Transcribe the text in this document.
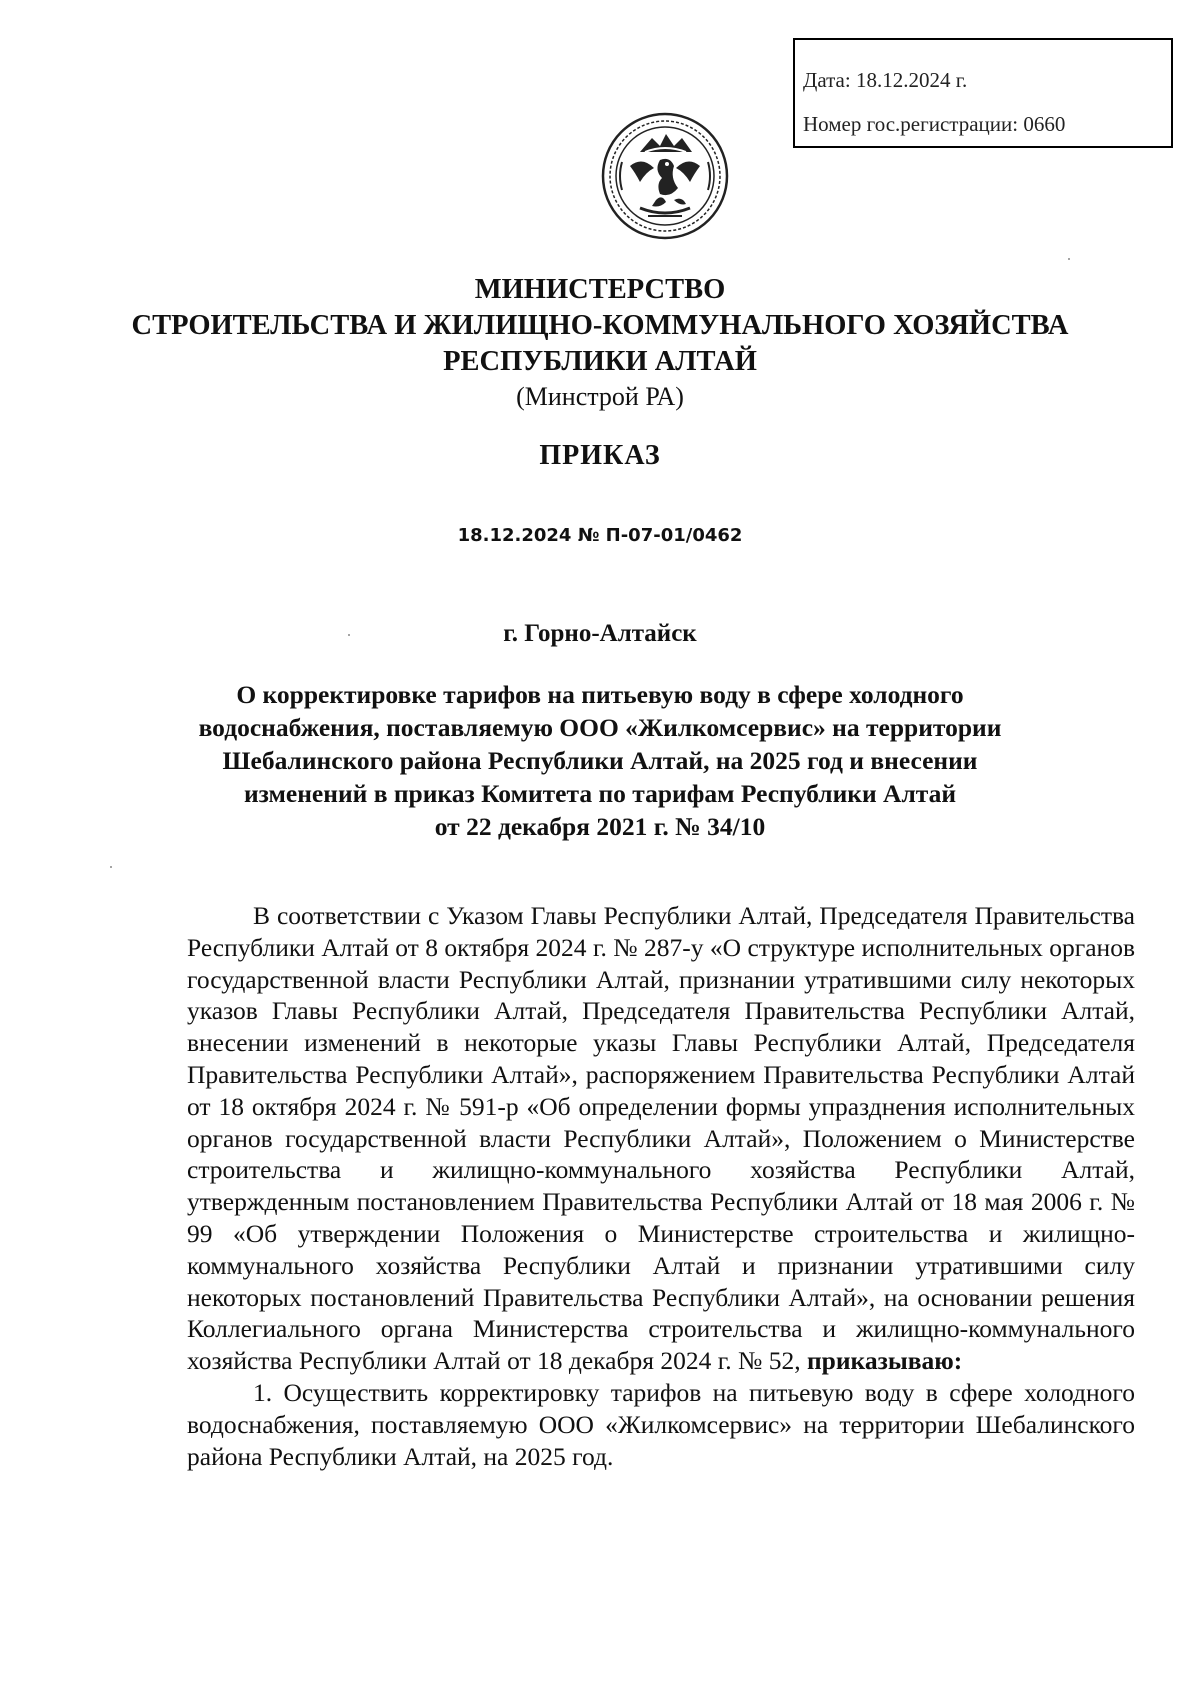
Дата: 18.12.2024 г.
Номер гос.регистрации: 0660
МИНИСТЕРСТВО
СТРОИТЕЛЬСТВА И ЖИЛИЩНО-КОММУНАЛЬНОГО ХОЗЯЙСТВА
РЕСПУБЛИКИ АЛТАЙ
(Минстрой РА)
ПРИКАЗ
18.12.2024 № П-07-01/0462
г. Горно-Алтайск
О корректировке тарифов на питьевую воду в сфере холодного
водоснабжения, поставляемую ООО «Жилкомсервис» на территории
Шебалинского района Республики Алтай, на 2025 год и внесении
изменений в приказ Комитета по тарифам Республики Алтай
от 22 декабря 2021 г. № 34/10

В соответствии с Указом Главы Республики Алтай, Председателя Правительства Республики Алтай от 8 октября 2024 г. № 287-у «О структуре исполнительных органов государственной власти Республики Алтай, признании утратившими силу некоторых указов Главы Республики Алтай, Председателя Правительства Республики Алтай, внесении изменений в некоторые указы Главы Республики Алтай, Председателя Правительства Республики Алтай», распоряжением Правительства Республики Алтай от 18 октября 2024 г. № 591-р «Об определении формы упразднения исполнительных органов государственной власти Республики Алтай», Положением о Министерстве строительства и жилищно-коммунального хозяйства Республики Алтай, утвержденным постановлением Правительства Республики Алтай от 18 мая 2006 г. № 99 «Об утверждении Положения о Министерстве строительства и жилищно-коммунального хозяйства Республики Алтай и признании утратившими силу некоторых постановлений Правительства Республики Алтай», на основании решения Коллегиального органа Министерства строительства и жилищно-коммунального хозяйства Республики Алтай от 18 декабря 2024 г. № 52, приказываю:

1. Осуществить корректировку тарифов на питьевую воду в сфере холодного водоснабжения, поставляемую ООО «Жилкомсервис» на территории Шебалинского района Республики Алтай, на 2025 год.
